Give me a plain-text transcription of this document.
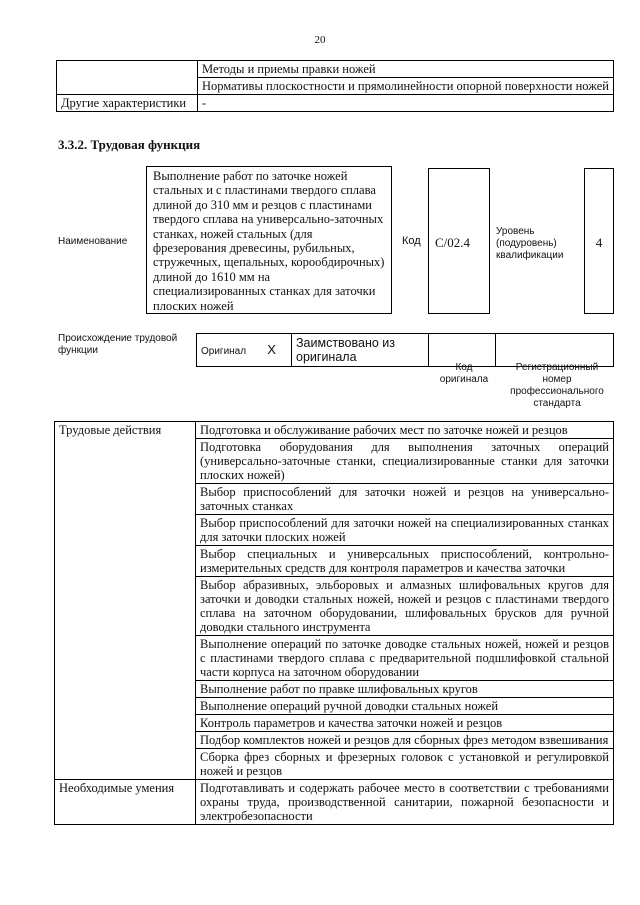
20
	Методы и приемы правки ножей
	Нормативы плоскостности и прямолинейности опорной поверхности ножей
Другие характеристики	-
3.3.2. Трудовая функция
Наименование
Выполнение работ по заточке ножей стальных и с пластинами твердого сплава длиной до 310 мм и резцов с пластинами твердого сплава на универсально-заточных станках, ножей стальных (для фрезерования древесины, рубильных, стружечных, щепальных, корообдирочных) длиной до 1610 мм на специализированных станках для заточки плоских ножей
Код	C/02.4
Уровень (подуровень) квалификации
4
Происхождение трудовой функции	Оригинал X	Заимствовано из оригинала		
Код оригинала
Регистрационный номер профессионального стандарта
Трудовые действия	Подготовка и обслуживание рабочих мест по заточке ножей и резцов
	Подготовка оборудования для выполнения заточных операций (универсально-заточные станки, специализированные станки для заточки плоских ножей)
	Выбор приспособлений для заточки ножей и резцов на универсально-заточных станках
	Выбор приспособлений для заточки ножей на специализированных станках для заточки плоских ножей
	Выбор специальных и универсальных приспособлений, контрольно-измерительных средств для контроля параметров и качества заточки
	Выбор абразивных, эльборовых и алмазных шлифовальных кругов для заточки и доводки стальных ножей, ножей и резцов с пластинами твердого сплава на заточном оборудовании, шлифовальных брусков для ручной доводки стального инструмента
	Выполнение операций по заточке доводке стальных ножей, ножей и резцов с пластинами твердого сплава с предварительной подшлифовкой стальной части корпуса на заточном оборудовании
	Выполнение работ по правке шлифовальных кругов
	Выполнение операций ручной доводки стальных ножей
	Контроль параметров и качества заточки ножей и резцов
	Подбор комплектов ножей и резцов для сборных фрез методом взвешивания
	Сборка фрез сборных и фрезерных головок с установкой и регулировкой ножей и резцов
Необходимые умения	Подготавливать и содержать рабочее место в соответствии с требованиями охраны труда, производственной санитарии, пожарной безопасности и электробезопасности
